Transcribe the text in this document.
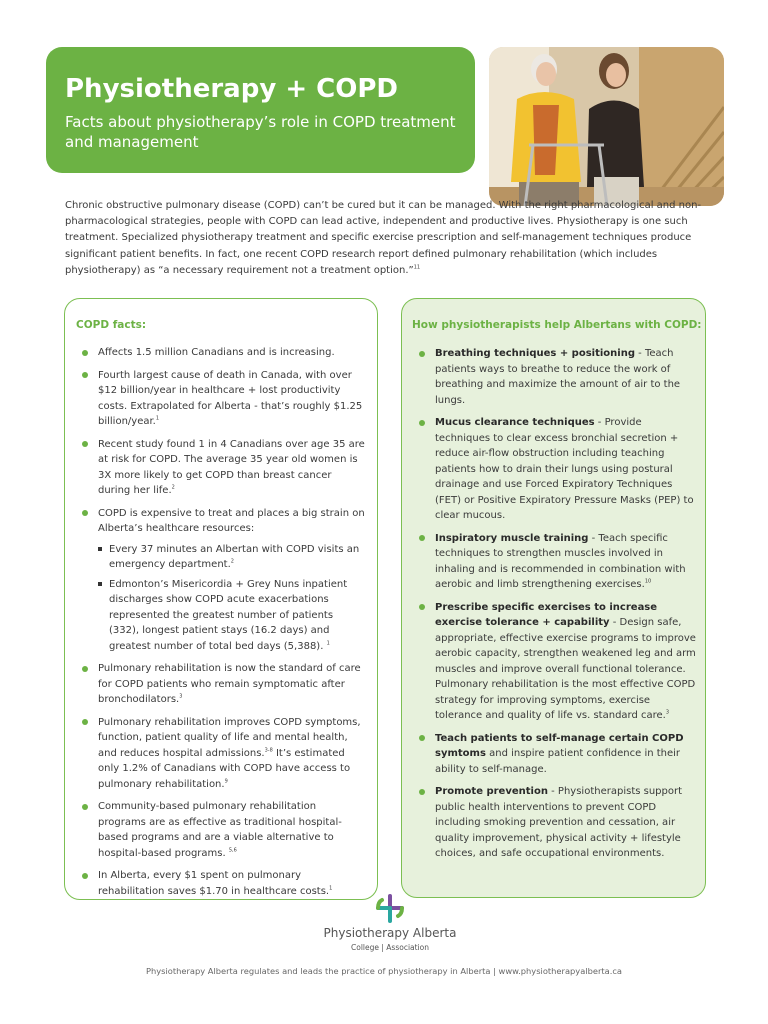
Physiotherapy + COPD
Facts about physiotherapy’s role in COPD treatment and management
Chronic obstructive pulmonary disease (COPD) can’t be cured but it can be managed. With the right pharmacological and non-pharmacological strategies, people with COPD can lead active, independent and productive lives. Physiotherapy is one such treatment. Specialized physiotherapy treatment and specific exercise prescription and self-management techniques produce significant patient benefits. In fact, one recent COPD research report defined pulmonary rehabilitation (which includes physiotherapy) as “a necessary requirement not a treatment option.”$^{11}$
COPD facts:
Affects 1.5 million Canadians and is increasing.
Fourth largest cause of death in Canada, with over $12 billion/year in healthcare + lost productivity costs. Extrapolated for Alberta - that’s roughly $1.25 billion/year.$^1$
Recent study found 1 in 4 Canadians over age 35 are at risk for COPD. The average 35 year old women is 3X more likely to get COPD than breast cancer during her life.$^2$
COPD is expensive to treat and places a big strain on Alberta’s healthcare resources:
Every 37 minutes an Albertan with COPD visits an emergency department.$^2$
Edmonton’s Misericordia + Grey Nuns inpatient discharges show COPD acute exacerbations represented the greatest number of patients (332), longest patient stays (16.2 days) and greatest number of total bed days (5,388). $^1$
Pulmonary rehabilitation is now the standard of care for COPD patients who remain symptomatic after bronchodilators.$^3$
Pulmonary rehabilitation improves COPD symptoms, function, patient quality of life and mental health, and reduces hospital admissions.$^{3-8}$ It’s estimated only 1.2% of Canadians with COPD have access to pulmonary rehabilitation.$^9$
Community-based pulmonary rehabilitation programs are as effective as traditional hospital-based programs and are a viable alternative to hospital-based programs. $^{5,6}$
In Alberta, every $1 spent on pulmonary rehabilitation saves $1.70 in healthcare costs.$^1$
How physiotherapists help Albertans with COPD:
Breathing techniques + positioning - Teach patients ways to breathe to reduce the work of breathing and maximize the amount of air to the lungs.
Mucus clearance techniques - Provide techniques to clear excess bronchial secretion + reduce air-flow obstruction including teaching patients how to drain their lungs using postural drainage and use Forced Expiratory Techniques (FET) or Positive Expiratory Pressure Masks (PEP) to clear mucous.
Inspiratory muscle training - Teach specific techniques to strengthen muscles involved in inhaling and is recommended in combination with aerobic and limb strengthening exercises.$^{10}$
Prescribe specific exercises to increase exercise tolerance + capability - Design safe, appropriate, effective exercise programs to improve aerobic capacity, strengthen weakened leg and arm muscles and improve overall functional tolerance. Pulmonary rehabilitation is the most effective COPD strategy for improving symptoms, exercise tolerance and quality of life vs. standard care.$^3$
Teach patients to self-manage certain COPD symtoms and inspire patient confidence in their ability to self-manage.
Promote prevention - Physiotherapists support public health interventions to prevent COPD including smoking prevention and cessation, air quality improvement, physical activity + lifestyle choices, and safe occupational environments.
Physiotherapy Alberta
College | Association
Physiotherapy Alberta regulates and leads the practice of physiotherapy in Alberta | www.physiotherapyalberta.ca
